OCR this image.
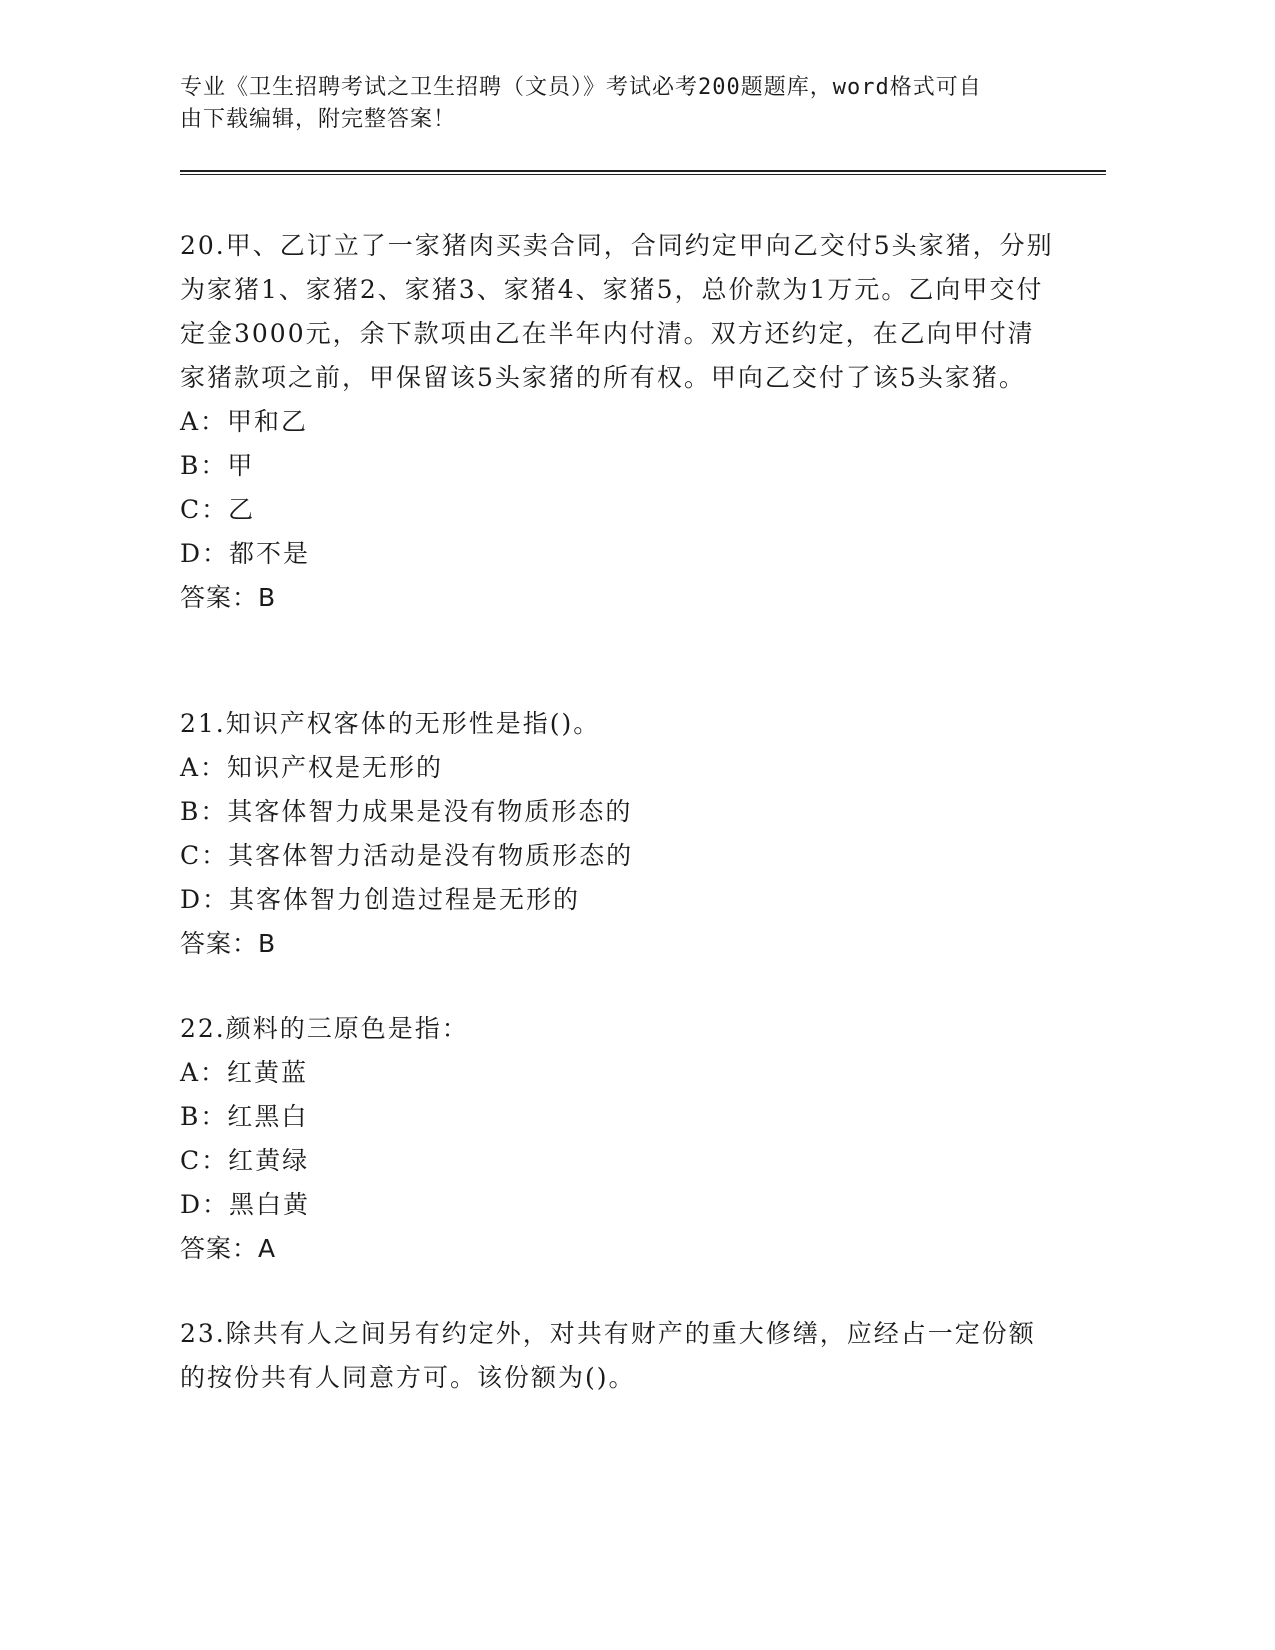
专业《卫生招聘考试之卫生招聘（文员）》考试必考200题题库，word格式可自
由下载编辑，附完整答案！
20.甲、乙订立了一家猪肉买卖合同，合同约定甲向乙交付5头家猪，分别为家猪1、家猪2、家猪3、家猪4、家猪5，总价款为1万元。乙向甲交付定金3000元，余下款项由乙在半年内付清。双方还约定，在乙向甲付清家猪款项之前，甲保留该5头家猪的所有权。甲向乙交付了该5头家猪。
A：甲和乙
B：甲
C：乙
D：都不是
答案：B
21.知识产权客体的无形性是指()。
A：知识产权是无形的
B：其客体智力成果是没有物质形态的
C：其客体智力活动是没有物质形态的
D：其客体智力创造过程是无形的
答案：B
22.颜料的三原色是指：
A：红黄蓝
B：红黑白
C：红黄绿
D：黑白黄
答案：A
23.除共有人之间另有约定外，对共有财产的重大修缮，应经占一定份额的按份共有人同意方可。该份额为()。
